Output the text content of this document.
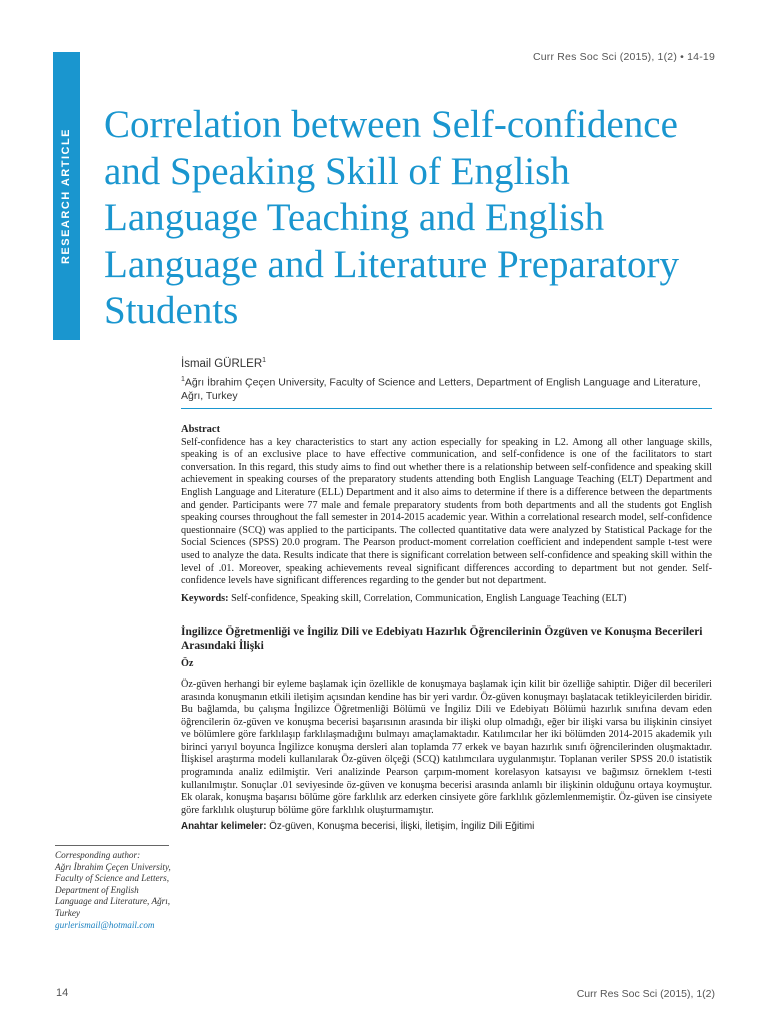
RESEARCH ARTICLE
Curr Res Soc Sci (2015), 1(2) • 14-19
Correlation between Self-confidence and Speaking Skill of English Language Teaching and English Language and Literature Preparatory Students
İsmail GÜRLER$^1$
$^1$Ağrı İbrahim Çeçen University, Faculty of Science and Letters, Department of English Language and Literature, Ağrı, Turkey

Abstract

Self-confidence has a key characteristics to start any action especially for speaking in L2. Among all other language skills, speaking is of an exclusive place to have effective communication, and self-confidence is one of the facilitators to start conversation. In this regard, this study aims to find out whether there is a relationship between self-confidence and speaking skill achievement in speaking courses of the preparatory students attending both English Language Teaching (ELT) Department and English Language and Literature (ELL) Department and it also aims to determine if there is a difference between the departments and gender. Participants were 77 male and female preparatory students from both departments and all the students got English speaking courses throughout the fall semester in 2014-2015 academic year. Within a correlational research model, self-confidence questionnaire (SCQ) was applied to the participants. The collected quantitative data were analyzed by Statistical Package for the Social Sciences (SPSS) 20.0 program. The Pearson product-moment correlation coefficient and independent sample t-test were used to analyze the data. Results indicate that there is significant correlation between self-confidence and speaking skill within the level of .01. Moreover, speaking achievements reveal significant differences according to department but not gender. Self-confidence levels have significant differences regarding to the gender but not department.

Keywords: Self-confidence, Speaking skill, Correlation, Communication, English Language Teaching (ELT)

İngilizce Öğretmenliği ve İngiliz Dili ve Edebiyatı Hazırlık Öğrencilerinin Özgüven ve Konuşma Becerileri Arasındaki İlişki

Öz

Öz-güven herhangi bir eyleme başlamak için özellikle de konuşmaya başlamak için kilit bir özelliğe sahiptir. Diğer dil becerileri arasında konuşmanın etkili iletişim açısından kendine has bir yeri vardır. Öz-güven konuşmayı başlatacak tetikleyicilerden biridir. Bu bağlamda, bu çalışma İngilizce Öğretmenliği Bölümü ve İngiliz Dili ve Edebiyatı Bölümü hazırlık sınıfına devam eden öğrencilerin öz-güven ve konuşma becerisi başarısının arasında bir ilişki olup olmadığı, eğer bir ilişki varsa bu ilişkinin cinsiyet ve bölümlere göre farklılaşıp farklılaşmadığını bulmayı amaçlamaktadır. Katılımcılar her iki bölümden 2014-2015 akademik yılı birinci yarıyıl boyunca İngilizce konuşma dersleri alan toplamda 77 erkek ve bayan hazırlık sınıfı öğrencilerinden oluşmaktadır. İlişkisel araştırma modeli kullanılarak Öz-güven ölçeği (SCQ) katılımcılara uygulanmıştır. Toplanan veriler SPSS 20.0 istatistik programında analiz edilmiştir. Veri analizinde Pearson çarpım-moment korelasyon katsayısı ve bağımsız örneklem t-testi kullanılmıştır. Sonuçlar .01 seviyesinde öz-güven ve konuşma becerisi arasında anlamlı bir ilişkinin olduğunu ortaya koymuştur. Ek olarak, konuşma başarısı bölüme göre farklılık arz ederken cinsiyete göre farklılık gözlemlenmemiştir. Öz-güven ise cinsiyete göre farklılık oluşturup bölüme göre farklılık oluşturmamıştır.

Anahtar kelimeler: Öz-güven, Konuşma becerisi, İlişki, İletişim, İngiliz Dili Eğitimi

Corresponding author:
Ağrı İbrahim Çeçen University, Faculty of Science and Letters, Department of English Language and Literature, Ağrı, Turkey
gurlerismail@hotmail.com
14	Curr Res Soc Sci (2015), 1(2)
